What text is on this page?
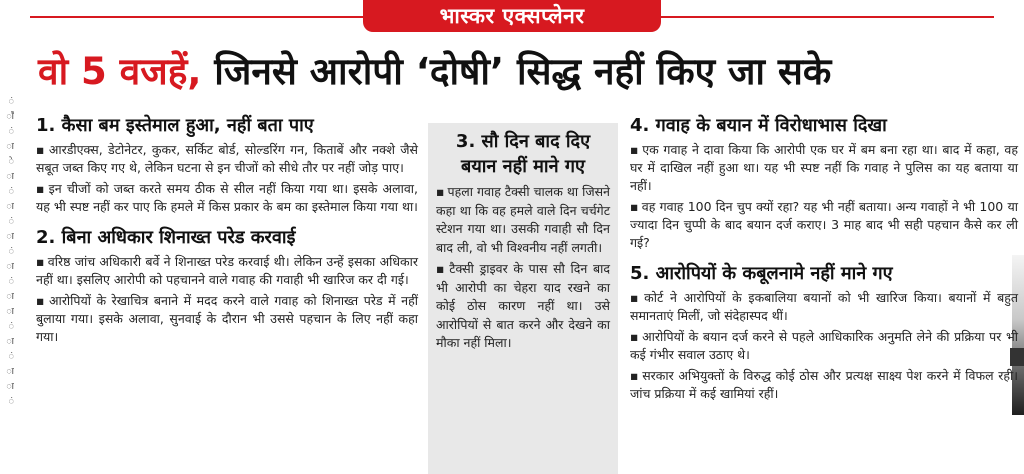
ं
ाँ
ं
ा
े
ा
ं
ा
ं
ा
ं
ा
ं
ा
ा
ं
ा
ं
ा
ा
ं
भास्कर एक्सप्लेनर
वो 5 वजहें, जिनसे आरोपी ‘दोषी’ सिद्ध नहीं किए जा सके
1. कैसा बम इस्तेमाल हुआ, नहीं बता पाए

▪ आरडीएक्स, डेटोनेटर, कुकर, सर्किट बोर्ड, सोल्डरिंग गन, किताबें और नक्शे जैसे सबूत जब्त किए गए थे, लेकिन घटना से इन चीजों को सीधे तौर पर नहीं जोड़ पाए।

▪ इन चीजों को जब्त करते समय ठीक से सील नहीं किया गया था। इसके अलावा, यह भी स्पष्ट नहीं कर पाए कि हमले में किस प्रकार के बम का इस्तेमाल किया गया था।

2. बिना अधिकार शिनाख्त परेड करवाई

▪ वरिष्ठ जांच अधिकारी बर्वे ने शिनाख्त परेड करवाई थी। लेकिन उन्हें इसका अधिकार नहीं था। इसलिए आरोपी को पहचानने वाले गवाह की गवाही भी खारिज कर दी गई।

▪ आरोपियों के रेखाचित्र बनाने में मदद करने वाले गवाह को शिनाख्त परेड में नहीं बुलाया गया। इसके अलावा, सुनवाई के दौरान भी उससे पहचान के लिए नहीं कहा गया।

3. सौ दिन बाद दिए बयान नहीं माने गए

▪ पहला गवाह टैक्सी चालक था जिसने कहा था कि वह हमले वाले दिन चर्चगेट स्टेशन गया था। उसकी गवाही सौ दिन बाद ली, वो भी विश्वनीय नहीं लगती।

▪ टैक्सी ड्राइवर के पास सौ दिन बाद भी आरोपी का चेहरा याद रखने का कोई ठोस कारण नहीं था। उसे आरोपियों से बात करने और देखने का मौका नहीं मिला।

4. गवाह के बयान में विरोधाभास दिखा

▪ एक गवाह ने दावा किया कि आरोपी एक घर में बम बना रहा था। बाद में कहा, वह घर में दाखिल नहीं हुआ था। यह भी स्पष्ट नहीं कि गवाह ने पुलिस का यह बताया या नहीं।

▪ वह गवाह 100 दिन चुप क्यों रहा? यह भी नहीं बताया। अन्य गवाहों ने भी 100 या ज्यादा दिन चुप्पी के बाद बयान दर्ज कराए। 3 माह बाद भी सही पहचान कैसे कर ली गई?

5. आरोपियों के कबूलनामे नहीं माने गए

▪ कोर्ट ने आरोपियों के इकबालिया बयानों को भी खारिज किया। बयानों में बहुत समानताएं मिलीं, जो संदेहास्पद थीं।

▪ आरोपियों के बयान दर्ज करने से पहले आधिकारिक अनुमति लेने की प्रक्रिया पर भी कई गंभीर सवाल उठाए थे।

▪ सरकार अभियुक्तों के विरुद्ध कोई ठोस और प्रत्यक्ष साक्ष्य पेश करने में विफल रही। जांच प्रक्रिया में कई खामियां रहीं।
